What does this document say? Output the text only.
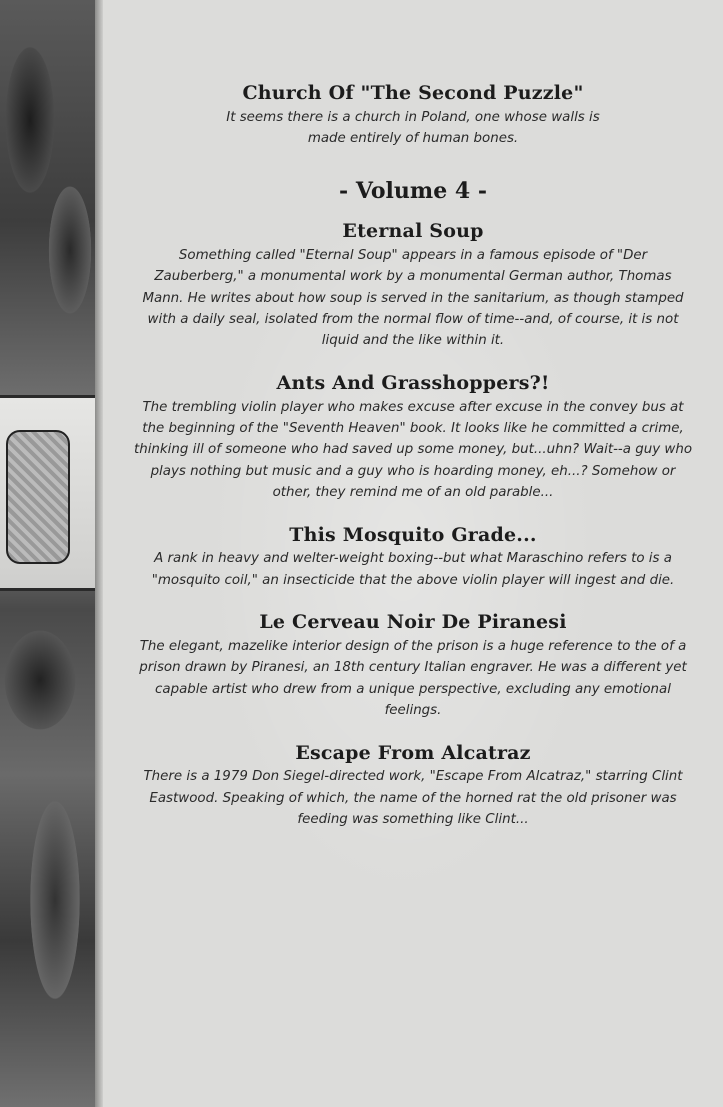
Church Of "The Second Puzzle"

It seems there is a church in Poland, one whose walls is made entirely of human bones.

- Volume 4 -
Eternal Soup

Something called "Eternal Soup" appears in a famous episode of "Der Zauberberg," a monumental work by a monumental German author, Thomas Mann. He writes about how soup is served in the sanitarium, as though stamped with a daily seal, isolated from the normal flow of time--and, of course, it is not liquid and the like within it.

Ants And Grasshoppers?!

The trembling violin player who makes excuse after excuse in the convey bus at the beginning of the "Seventh Heaven" book. It looks like he committed a crime, thinking ill of someone who had saved up some money, but...uhn? Wait--a guy who plays nothing but music and a guy who is hoarding money, eh...? Somehow or other, they remind me of an old parable...

This Mosquito Grade...

A rank in heavy and welter-weight boxing--but what Maraschino refers to is a "mosquito coil," an insecticide that the above violin player will ingest and die.

Le Cerveau Noir De Piranesi

The elegant, mazelike interior design of the prison is a huge reference to the of a prison drawn by Piranesi, an 18th century Italian engraver. He was a different yet capable artist who drew from a unique perspective, excluding any emotional feelings.

Escape From Alcatraz

There is a 1979 Don Siegel-directed work, "Escape From Alcatraz," starring Clint Eastwood. Speaking of which, the name of the horned rat the old prisoner was feeding was something like Clint...
